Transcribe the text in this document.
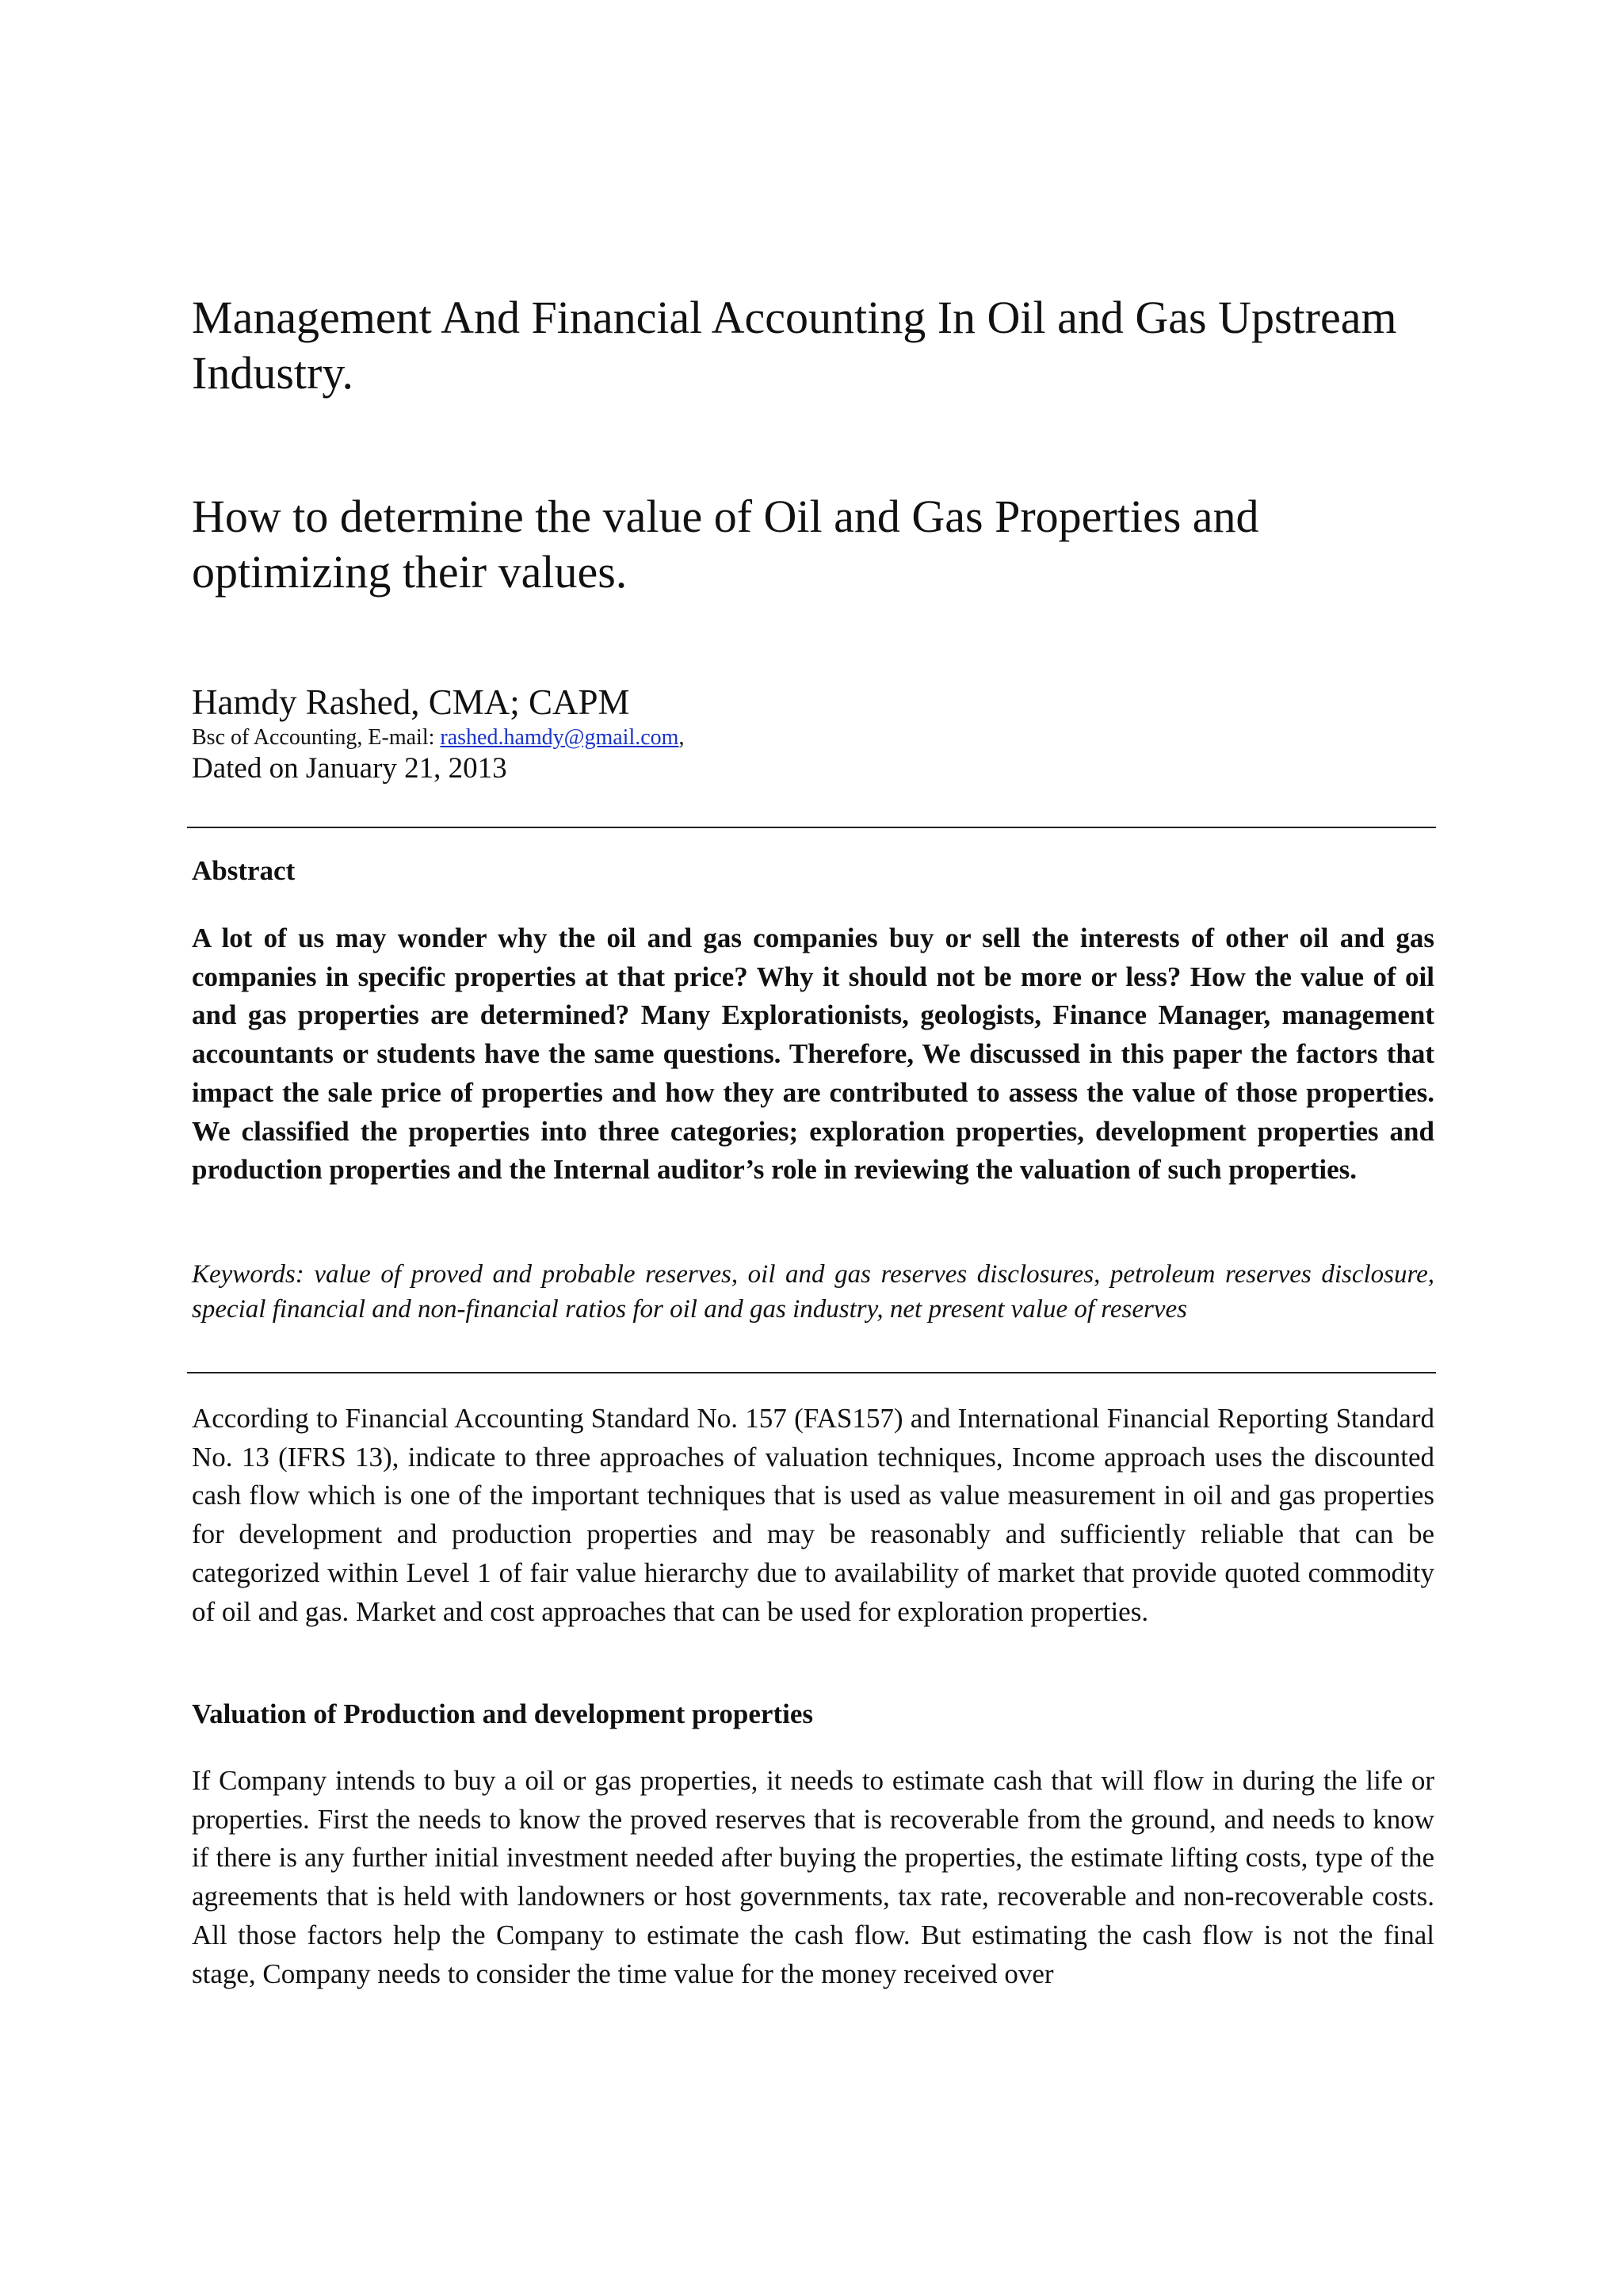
Management And Financial Accounting In Oil and Gas Upstream Industry.
How to determine the value of Oil and Gas Properties and optimizing their values.
Hamdy Rashed, CMA; CAPM
Bsc of Accounting, E-mail: rashed.hamdy@gmail.com,
Dated on January 21, 2013
Abstract

A lot of us may wonder why the oil and gas companies buy or sell the interests of other oil and gas companies in specific properties at that price? Why it should not be more or less? How the value of oil and gas properties are determined? Many Explorationists, geologists, Finance Manager, management accountants or students have the same questions. Therefore, We discussed in this paper the factors that impact the sale price of properties and how they are contributed to assess the value of those properties. We classified the properties into three categories; exploration properties, development properties and production properties and the Internal auditor’s role in reviewing the valuation of such properties.

Keywords: value of proved and probable reserves, oil and gas reserves disclosures, petroleum reserves disclosure, special financial and non-financial ratios for oil and gas industry, net present value of reserves

According to Financial Accounting Standard No. 157 (FAS157) and International Financial Reporting Standard No. 13 (IFRS 13), indicate to three approaches of valuation techniques, Income approach uses the discounted cash flow which is one of the important techniques that is used as value measurement in oil and gas properties for development and production properties and may be reasonably and sufficiently reliable that can be categorized within Level 1 of fair value hierarchy due to availability of market that provide quoted commodity of oil and gas. Market and cost approaches that can be used for exploration properties.

Valuation of Production and development properties

If Company intends to buy a oil or gas properties, it needs to estimate cash that will flow in during the life or properties. First the needs to know the proved reserves that is recoverable from the ground, and needs to know if there is any further initial investment needed after buying the properties, the estimate lifting costs, type of the agreements that is held with landowners or host governments, tax rate, recoverable and non-recoverable costs. All those factors help the Company to estimate the cash flow. But estimating the cash flow is not the final stage, Company needs to consider the time value for the money received over
